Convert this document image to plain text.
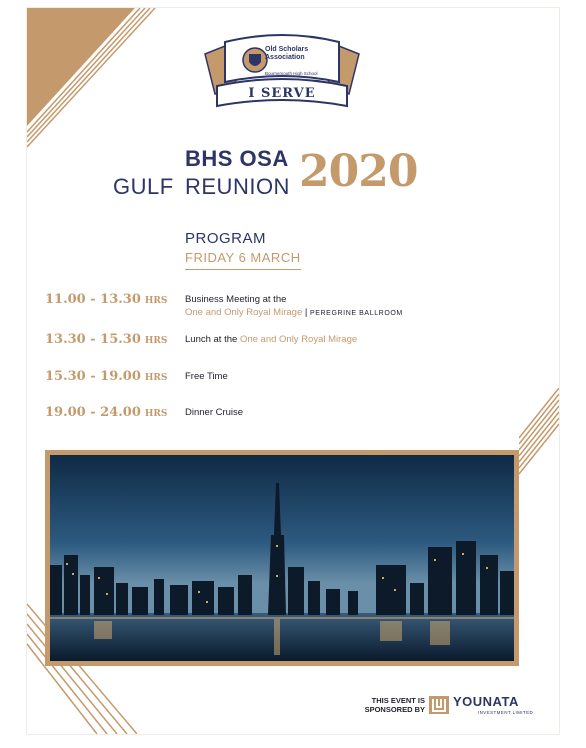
Old Scholars
Association
Bournemouth High School
I SERVE
BHS OSA
GULF REUNION 2020
PROGRAM
FRIDAY 6 MARCH
11.00 - 13.30 HRS Business Meeting at the
One and Only Royal Mirage | PEREGRINE BALLROOM
13.30 - 15.30 HRS Lunch at the One and Only Royal Mirage
15.30 - 19.00 HRS Free Time
19.00 - 24.00 HRS Dinner Cruise
THIS EVENT IS
SPONSORED BY
YOUNATA
INVESTMENT LIMITED
